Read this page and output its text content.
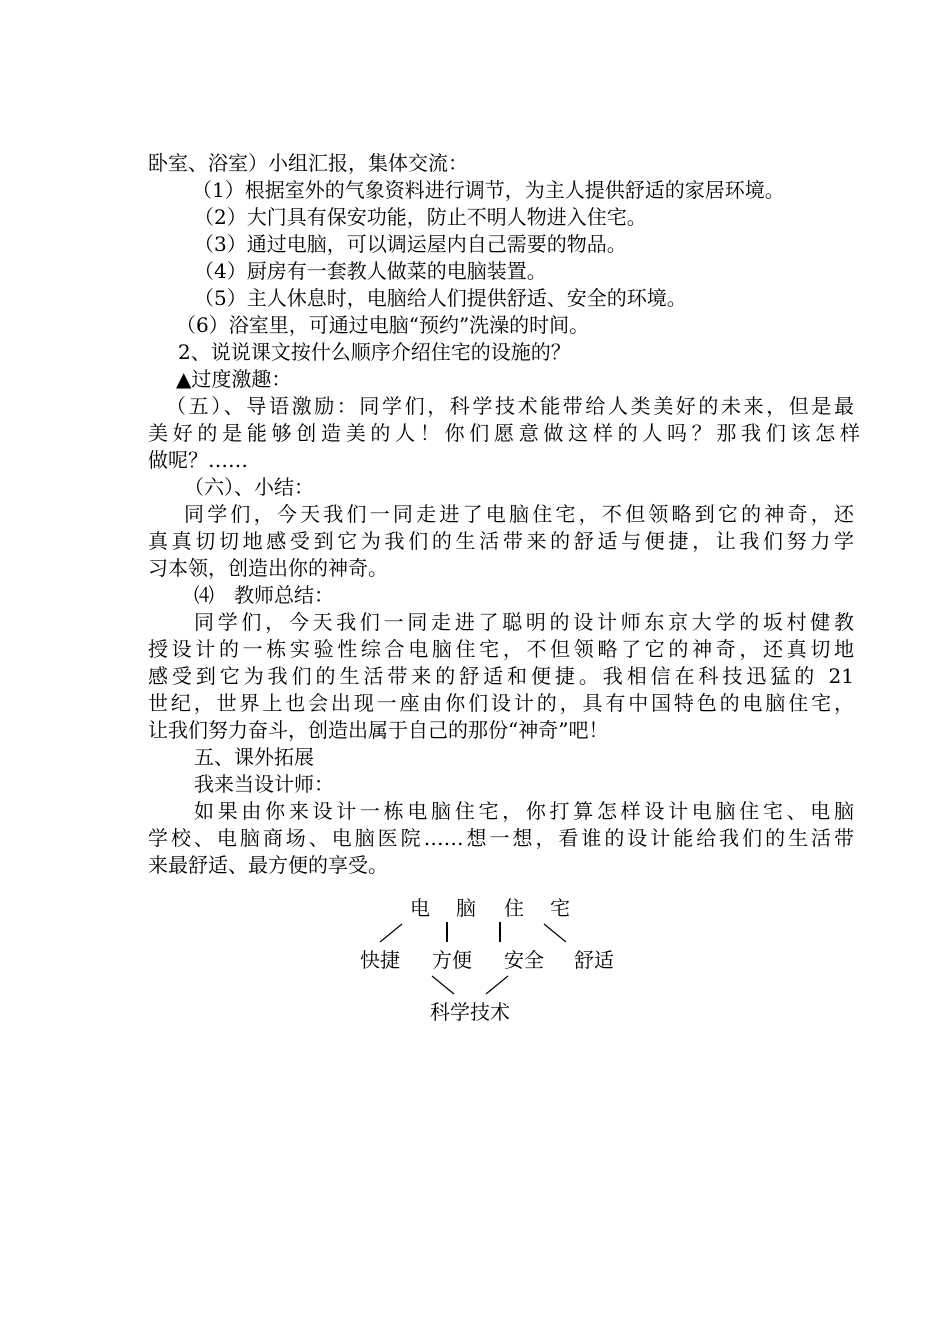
卧室、浴室）小组汇报，集体交流：
（1）根据室外的气象资料进行调节，为主人提供舒适的家居环境。
（2）大门具有保安功能，防止不明人物进入住宅。
（3）通过电脑，可以调运屋内自己需要的物品。
（4）厨房有一套教人做菜的电脑装置。
（5）主人休息时，电脑给人们提供舒适、安全的环境。
（6）浴室里，可通过电脑“预约”洗澡的时间。
2、说说课文按什么顺序介绍住宅的设施的？
▲过度激趣：
（五）、导语激励：同学们，科学技术能带给人类美好的未来，但是最
美好的是能够创造美的人！你们愿意做这样的人吗？那我们该怎样
做呢？……
（六）、小结：
同学们，今天我们一同走进了电脑住宅，不但领略到它的神奇，还
真真切切地感受到它为我们的生活带来的舒适与便捷，让我们努力学
习本领，创造出你的神奇。
⑷　教师总结：
同学们，今天我们一同走进了聪明的设计师东京大学的坂村健教
授设计的一栋实验性综合电脑住宅，不但领略了它的神奇，还真切地
感受到它为我们的生活带来的舒适和便捷。我相信在科技迅猛的 21
世纪，世界上也会出现一座由你们设计的，具有中国特色的电脑住宅，
让我们努力奋斗，创造出属于自己的那份“神奇”吧！
五、课外拓展
我来当设计师：
如果由你来设计一栋电脑住宅，你打算怎样设计电脑住宅、电脑
学校、电脑商场、电脑医院……想一想，看谁的设计能给我们的生活带
来最舒适、最方便的享受。
电 脑 住 宅
快捷 方便 安全 舒适
科学技术
